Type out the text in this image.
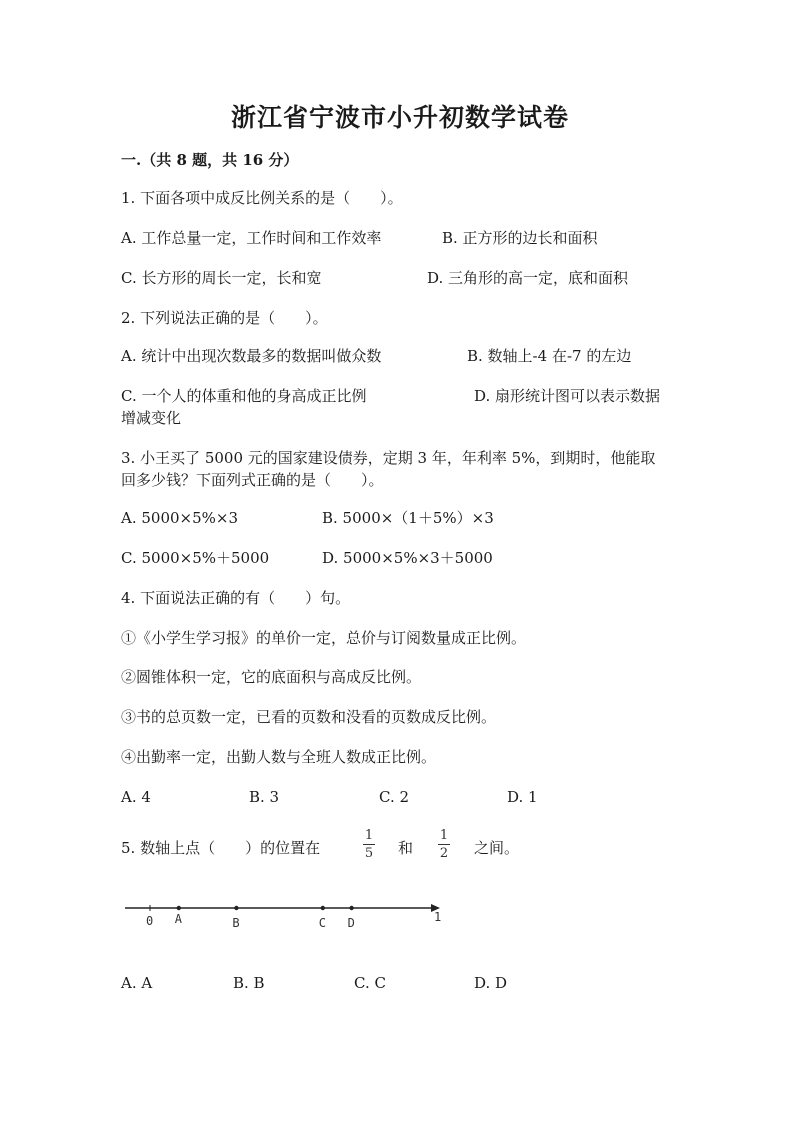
浙江省宁波市小升初数学试卷
一.（共 8 题，共 16 分）
1. 下面各项中成反比例关系的是（　　）。
A. 工作总量一定，工作时间和工作效率	B. 正方形的边长和面积
C. 长方形的周长一定，长和宽	D. 三角形的高一定，底和面积
2. 下列说法正确的是（　　）。
A. 统计中出现次数最多的数据叫做众数	B. 数轴上-4 在-7 的左边
C. 一个人的体重和他的身高成正比例	D. 扇形统计图可以表示数据
增减变化
3. 小王买了 5000 元的国家建设债券，定期 3 年，年利率 5%，到期时，他能取
回多少钱？下面列式正确的是（　　）。
A. 5000×5%×3	B. 5000×（1＋5%）×3
C. 5000×5%＋5000	D. 5000×5%×3＋5000
4. 下面说法正确的有（　　）句。
①《小学生学习报》的单价一定，总价与订阅数量成正比例。
②圆锥体积一定，它的底面积与高成反比例。
③书的总页数一定，已看的页数和没看的页数成反比例。
④出勤率一定，出勤人数与全班人数成正比例。
A. 4	B. 3	C. 2	D. 1
5. 数轴上点（　　）的位置在
1
5 和
1
2 之间。
0	1
A	B	C D
A. A	B. B	C. C	D. D
